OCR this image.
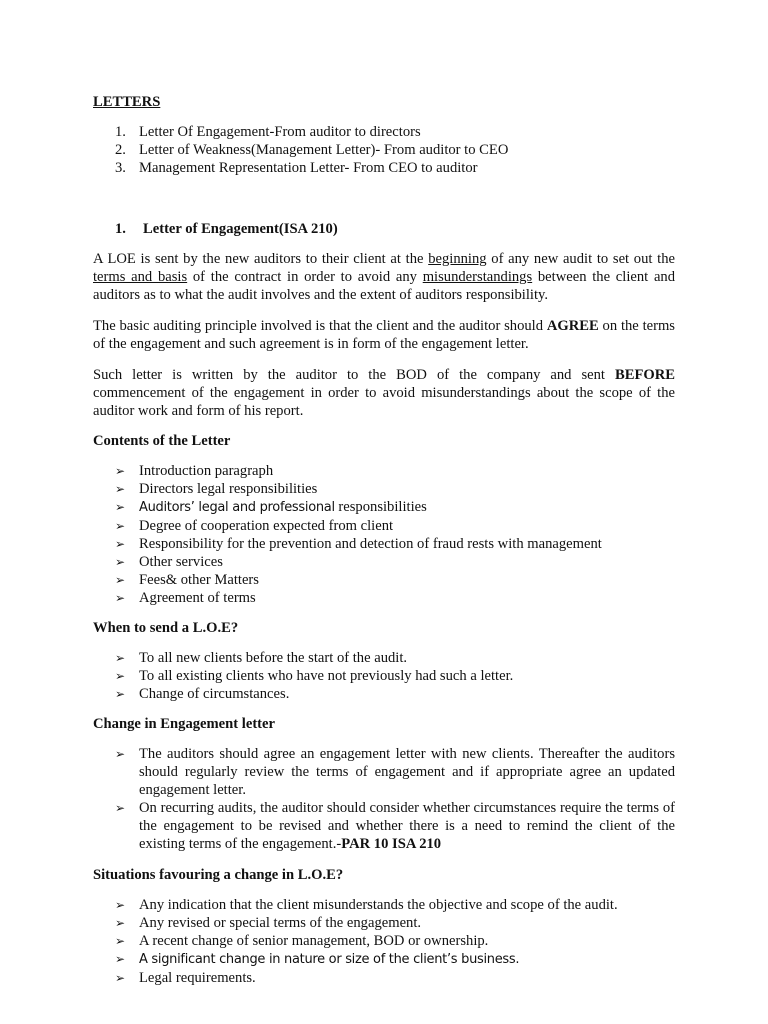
LETTERS
1. Letter Of Engagement-From auditor to directors
2. Letter of Weakness(Management Letter)- From auditor to CEO
3. Management Representation Letter- From CEO to auditor
1. Letter of Engagement(ISA 210)
A LOE is sent by the new auditors to their client at the beginning of any new audit to set out the terms and basis of the contract in order to avoid any misunderstandings between the client and auditors as to what the audit involves and the extent of auditors responsibility.
The basic auditing principle involved is that the client and the auditor should AGREE on the terms of the engagement and such agreement is in form of the engagement letter.
Such letter is written by the auditor to the BOD of the company and sent BEFORE commencement of the engagement in order to avoid misunderstandings about the scope of the auditor work and form of his report.
Contents of the Letter
➢ Introduction paragraph
➢ Directors legal responsibilities
➢ Auditors’ legal and professional responsibilities
➢ Degree of cooperation expected from client
➢ Responsibility for the prevention and detection of fraud rests with management
➢ Other services
➢ Fees& other Matters
➢ Agreement of terms
When to send a L.O.E?
➢ To all new clients before the start of the audit.
➢ To all existing clients who have not previously had such a letter.
➢ Change of circumstances.
Change in Engagement letter
➢ The auditors should agree an engagement letter with new clients. Thereafter the auditors should regularly review the terms of engagement and if appropriate agree an updated engagement letter.
➢ On recurring audits, the auditor should consider whether circumstances require the terms of the engagement to be revised and whether there is a need to remind the client of the existing terms of the engagement.-PAR 10 ISA 210
Situations favouring a change in L.O.E?
➢ Any indication that the client misunderstands the objective and scope of the audit.
➢ Any revised or special terms of the engagement.
➢ A recent change of senior management, BOD or ownership.
➢ A significant change in nature or size of the client’s business.
➢ Legal requirements.
